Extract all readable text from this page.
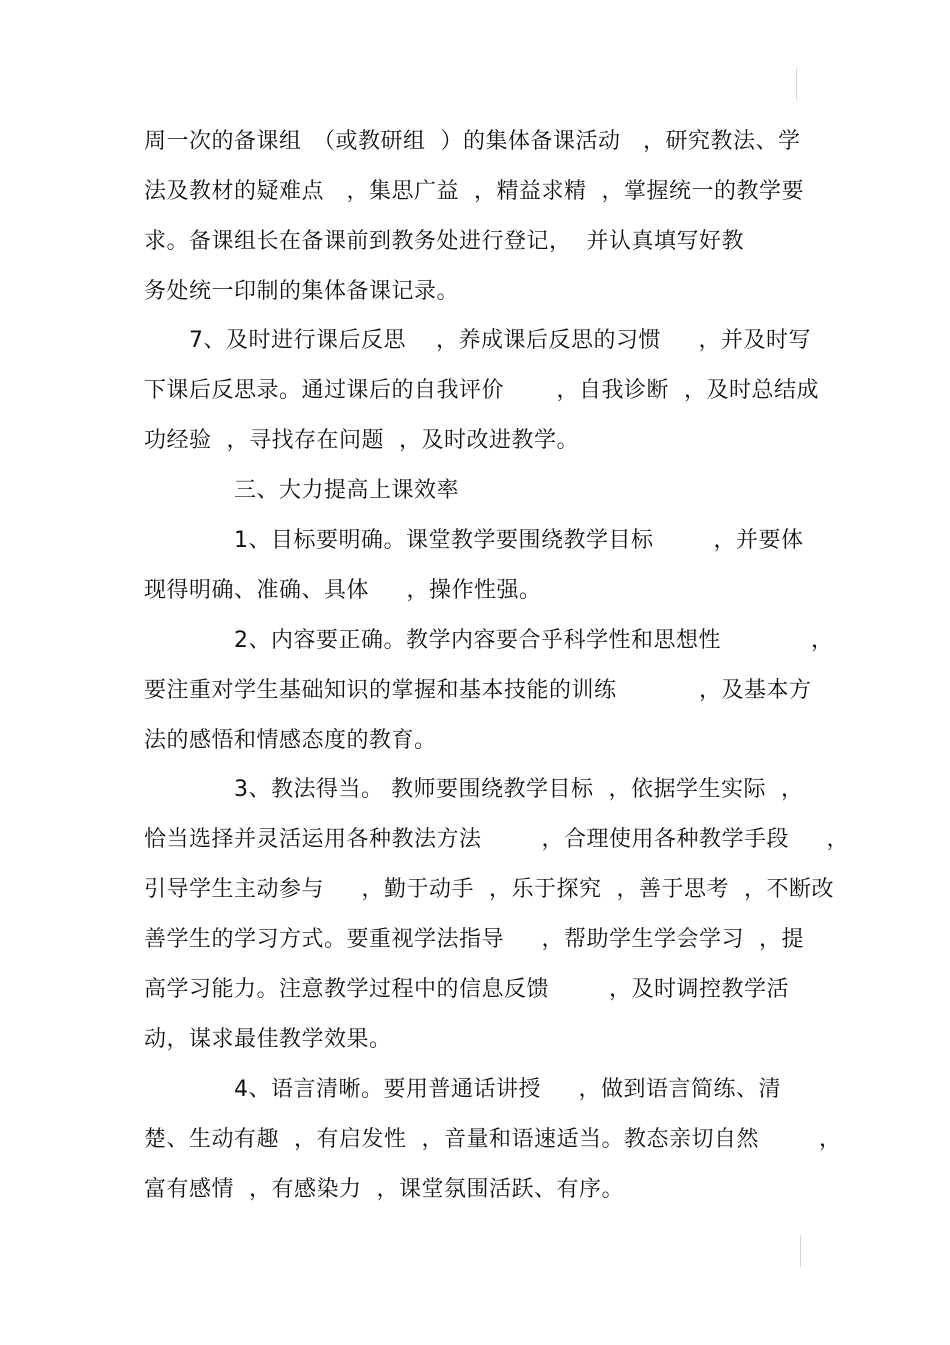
周一次的备课组　（或教研组  ）的集体备课活动　，研究教法、学
法及教材的疑难点　，集思广益  ，精益求精  ，掌握统一的教学要
求。备课组长在备课前到教务处进行登记，  并认真填写好教
务处统一印制的集体备课记录。
　　7、及时进行课后反思　 ，养成课后反思的习惯　  ，并及时写
下课后反思录。通过课后的自我评价　　 ，自我诊断  ，及时总结成
功经验  ，寻找存在问题  ，及时改进教学。
　　　　三、大力提高上课效率
　　　　1、目标要明确。课堂教学要围绕教学目标　　  ，并要体
现得明确、准确、具体　  ，操作性强。
　　　　2、内容要正确。教学内容要合乎科学性和思想性　　　　，
要注重对学生基础知识的掌握和基本技能的训练　　　  ，及基本方
法的感悟和情感态度的教育。
　　　　3、教法得当。 教师要围绕教学目标  ，依据学生实际  ，
恰当选择并灵活运用各种教法方法　　  ，合理使用各种教学手段　  ，
引导学生主动参与　  ，勤于动手  ，乐于探究  ，善于思考  ，不断改
善学生的学习方式。要重视学法指导　  ，帮助学生学会学习  ，提
高学习能力。注意教学过程中的信息反馈　　  ，及时调控教学活
动，谋求最佳教学效果。
　　　　4、语言清晰。要用普通话讲授　  ，做到语言简练、清
楚、生动有趣  ，有启发性  ，音量和语速适当。教态亲切自然　　  ，
富有感情  ，有感染力  ，课堂氛围活跃、有序。
